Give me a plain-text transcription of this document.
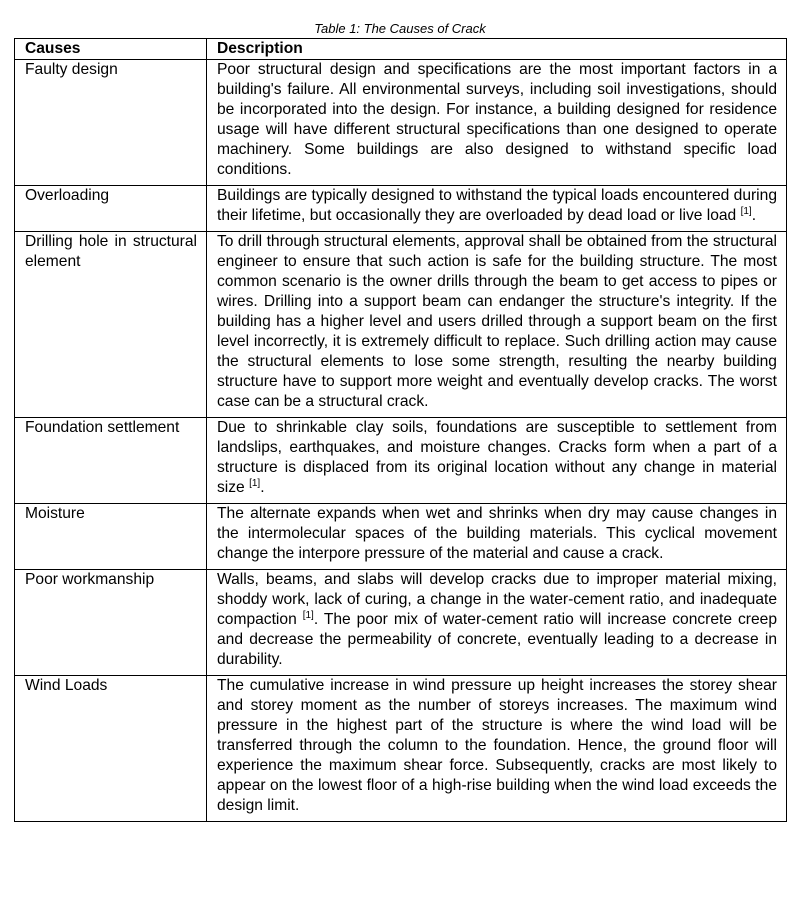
Table 1: The Causes of Crack
Causes	Description
Faulty design	Poor structural design and specifications are the most important factors in a building's failure. All environmental surveys, including soil investigations, should be incorporated into the design. For instance, a building designed for residence usage will have different structural specifications than one designed to operate machinery. Some buildings are also designed to withstand specific load conditions.
Overloading	Buildings are typically designed to withstand the typical loads encountered during their lifetime, but occasionally they are overloaded by dead load or live load [1].
Drilling hole in structural element	To drill through structural elements, approval shall be obtained from the structural engineer to ensure that such action is safe for the building structure. The most common scenario is the owner drills through the beam to get access to pipes or wires. Drilling into a support beam can endanger the structure's integrity. If the building has a higher level and users drilled through a support beam on the first level incorrectly, it is extremely difficult to replace. Such drilling action may cause the structural elements to lose some strength, resulting the nearby building structure have to support more weight and eventually develop cracks. The worst case can be a structural crack.
Foundation settlement	Due to shrinkable clay soils, foundations are susceptible to settlement from landslips, earthquakes, and moisture changes. Cracks form when a part of a structure is displaced from its original location without any change in material size [1].
Moisture	The alternate expands when wet and shrinks when dry may cause changes in the intermolecular spaces of the building materials. This cyclical movement change the interpore pressure of the material and cause a crack.
Poor workmanship	Walls, beams, and slabs will develop cracks due to improper material mixing, shoddy work, lack of curing, a change in the water-cement ratio, and inadequate compaction [1]. The poor mix of water-cement ratio will increase concrete creep and decrease the permeability of concrete, eventually leading to a decrease in durability.
Wind Loads	The cumulative increase in wind pressure up height increases the storey shear and storey moment as the number of storeys increases. The maximum wind pressure in the highest part of the structure is where the wind load will be transferred through the column to the foundation. Hence, the ground floor will experience the maximum shear force. Subsequently, cracks are most likely to appear on the lowest floor of a high-rise building when the wind load exceeds the design limit.
